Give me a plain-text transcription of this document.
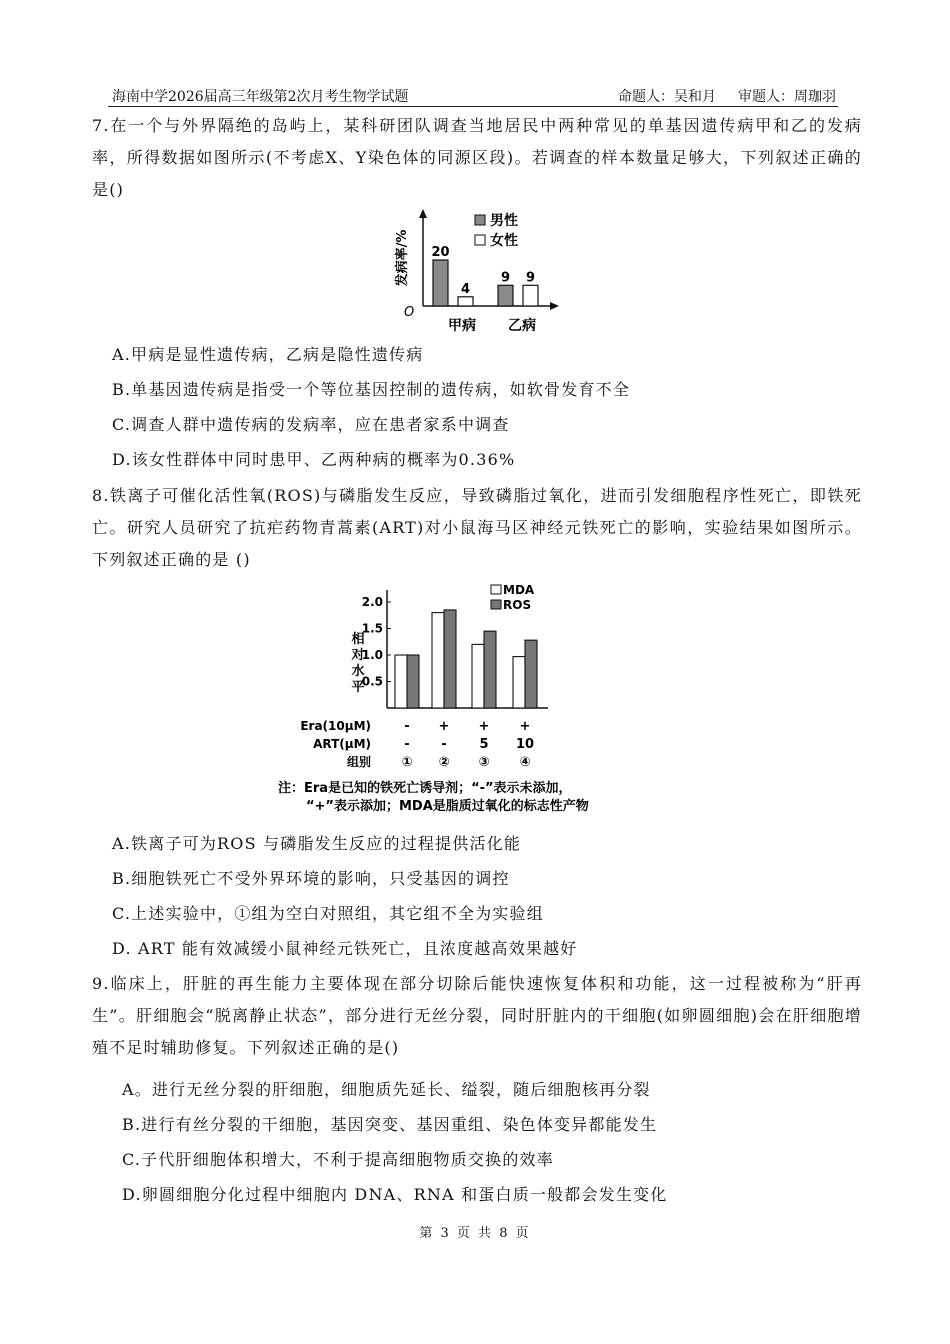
海南中学2026届高三年级第2次月考生物学试题	命题人：吴和月 审题人：周珈羽
7.在一个与外界隔绝的岛屿上，某科研团队调查当地居民中两种常见的单基因遗传病甲和乙的发病率，所得数据如图所示(不考虑X、Y染色体的同源区段)。若调查的样本数量足够大，下列叙述正确的是()
O
发病率/% 20
4
9 9
甲病 乙病
男性
女性
A.甲病是显性遗传病，乙病是隐性遗传病
B.单基因遗传病是指受一个等位基因控制的遗传病，如软骨发育不全
C.调查人群中遗传病的发病率，应在患者家系中调查
D.该女性群体中同时患甲、乙两种病的概率为0.36%
8.铁离子可催化活性氧(ROS)与磷脂发生反应，导致磷脂过氧化，进而引发细胞程序性死亡，即铁死亡。研究人员研究了抗疟药物青蒿素(ART)对小鼠海马区神经元铁死亡的影响，实验结果如图所示。下列叙述正确的是 ()
相对水平
2.0
1.5
1.0
0.5
MDA
ROS
Era(10μM)	- + + +
ART(μM)	- -	5 10
组别 ① ② ③ ④
注：Era是已知的铁死亡诱导剂；“-”表示未添加，
“+”表示添加；MDA是脂质过氧化的标志性产物
A.铁离子可为ROS 与磷脂发生反应的过程提供活化能
B.细胞铁死亡不受外界环境的影响，只受基因的调控
C.上述实验中，①组为空白对照组，其它组不全为实验组
D. ART 能有效减缓小鼠神经元铁死亡，且浓度越高效果越好
9.临床上，肝脏的再生能力主要体现在部分切除后能快速恢复体积和功能，这一过程被称为“肝再生”。肝细胞会“脱离静止状态”，部分进行无丝分裂，同时肝脏内的干细胞(如卵圆细胞)会在肝细胞增殖不足时辅助修复。下列叙述正确的是()
A。进行无丝分裂的肝细胞，细胞质先延长、缢裂，随后细胞核再分裂
B.进行有丝分裂的干细胞，基因突变、基因重组、染色体变异都能发生
C.子代肝细胞体积增大，不利于提高细胞物质交换的效率
D.卵圆细胞分化过程中细胞内 DNA、RNA 和蛋白质一般都会发生变化
第 3 页 共 8 页
